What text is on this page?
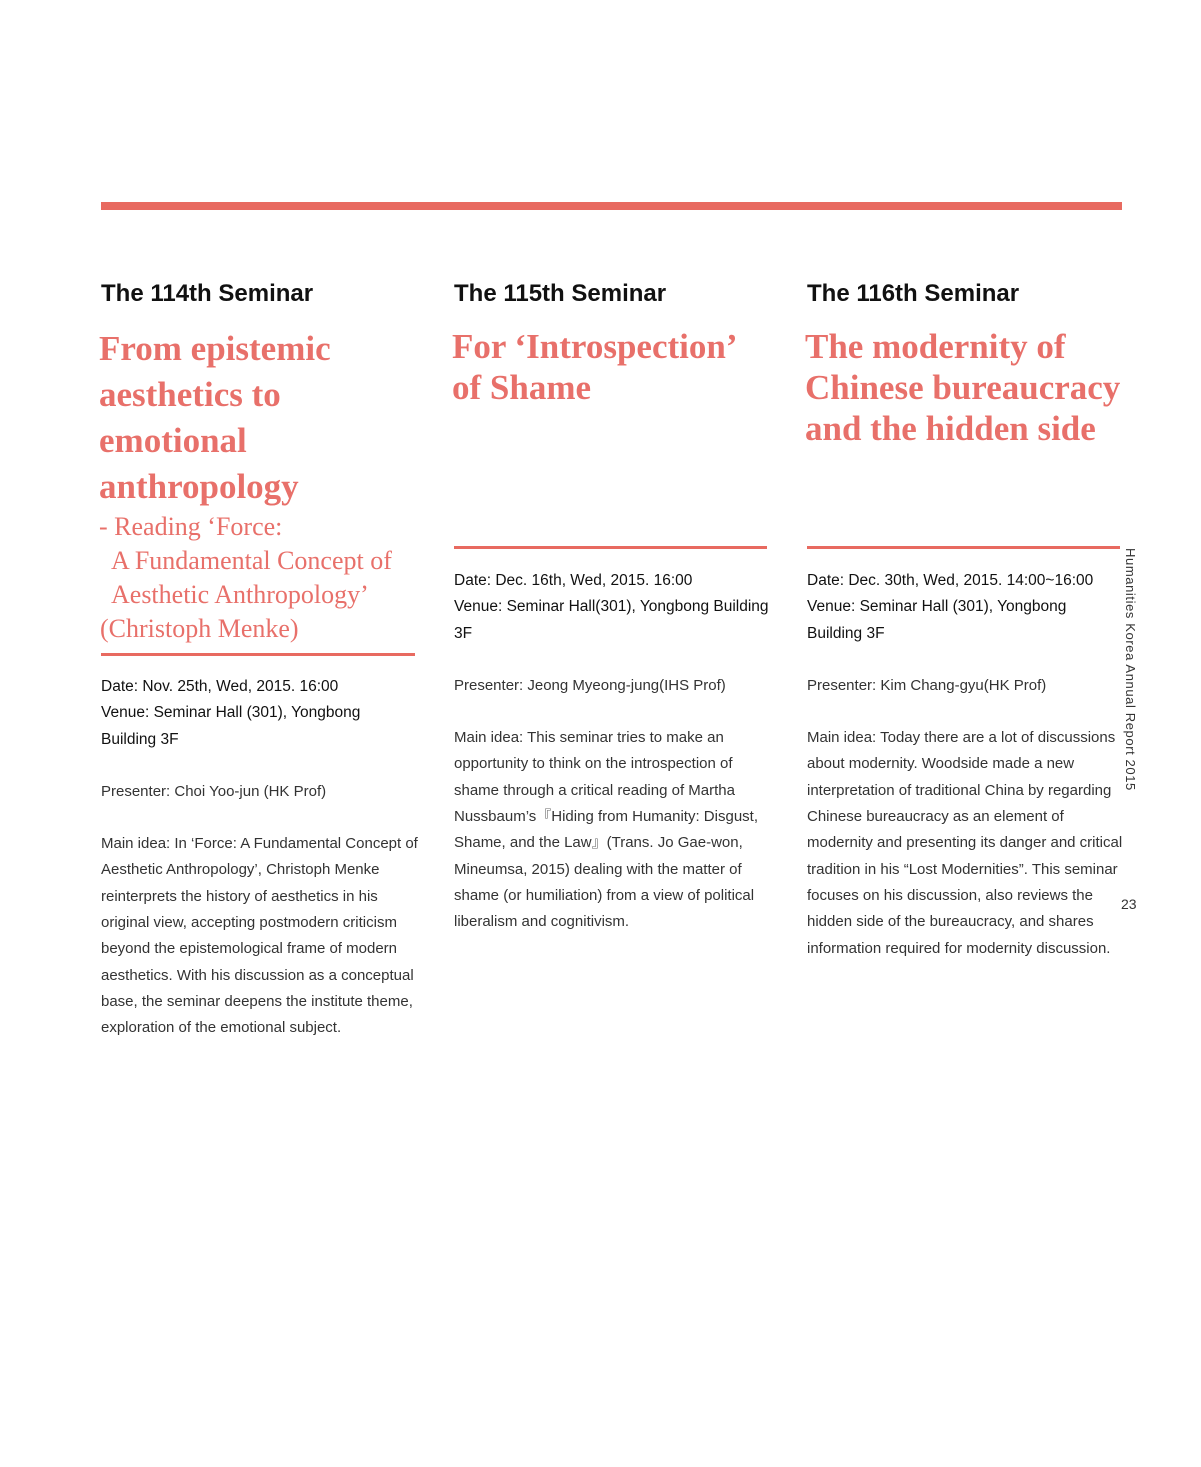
The 114th Seminar
From epistemic aesthetics to emotional anthropology
- Reading ‘Force:
A Fundamental Concept of
Aesthetic Anthropology’
(Christoph Menke)

Date: Nov. 25th, Wed, 2015. 16:00

Venue: Seminar Hall (301), Yongbong Building 3F

Presenter: Choi Yoo-jun (HK Prof)

Main idea: In ‘Force: A Fundamental Concept of Aesthetic Anthropology’, Christoph Menke reinterprets the history of aesthetics in his original view, accepting postmodern criticism beyond the epistemological frame of modern aesthetics. With his discussion as a conceptual base, the seminar deepens the institute theme, exploration of the emotional subject.

The 115th Seminar
For ‘Introspection’ of Shame

Date: Dec. 16th, Wed, 2015. 16:00

Venue: Seminar Hall(301), Yongbong Building 3F

Presenter: Jeong Myeong-jung(IHS Prof)

Main idea: This seminar tries to make an opportunity to think on the introspection of shame through a critical reading of Martha Nussbaum’s『Hiding from Humanity: Disgust, Shame, and the Law』(Trans. Jo Gae-won, Mineumsa, 2015) dealing with the matter of shame (or humiliation) from a view of political liberalism and cognitivism.

The 116th Seminar
The modernity of Chinese bureaucracy and the hidden side

Date: Dec. 30th, Wed, 2015. 14:00~16:00

Venue: Seminar Hall (301), Yongbong Building 3F

Presenter: Kim Chang-gyu(HK Prof)

Main idea: Today there are a lot of discussions about modernity. Woodside made a new interpretation of traditional China by regarding Chinese bureaucracy as an element of modernity and presenting its danger and critical tradition in his “Lost Modernities”. This seminar focuses on his discussion, also reviews the hidden side of the bureaucracy, and shares information required for modernity discussion.

Humanities Korea Annual Report 2015
23
